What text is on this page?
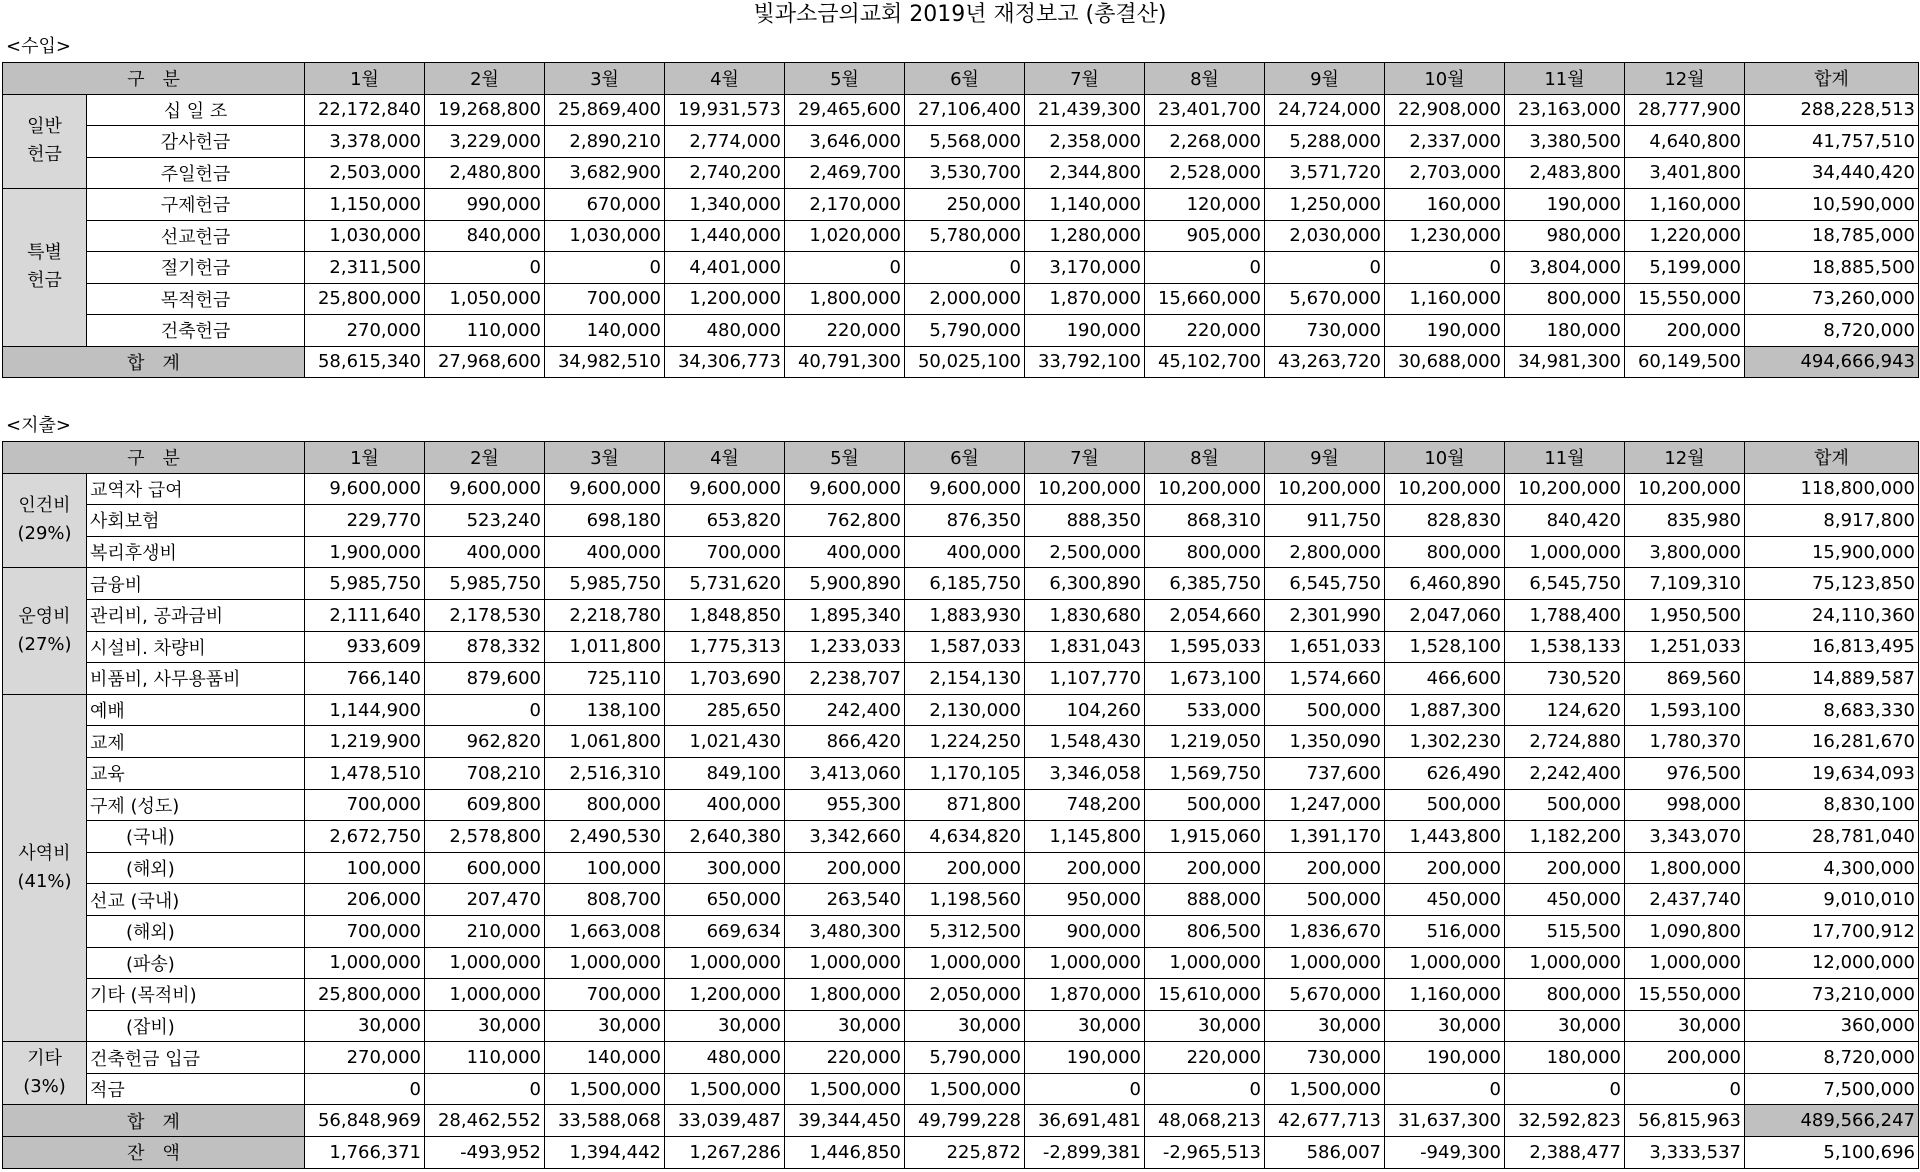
빛과소금의교회 2019년 재정보고 (총결산)
<수입>
구　분		1월	2월	3월	4월	5월	6월	7월	8월	9월	10월	11월	12월	합계
일반
헌금	십 일 조	22,172,840	19,268,800	25,869,400	19,931,573	29,465,600	27,106,400	21,439,300	23,401,700	24,724,000	22,908,000	23,163,000	28,777,900	288,228,513
	감사헌금	3,378,000	3,229,000	2,890,210	2,774,000	3,646,000	5,568,000	2,358,000	2,268,000	5,288,000	2,337,000	3,380,500	4,640,800	41,757,510
	주일헌금	2,503,000	2,480,800	3,682,900	2,740,200	2,469,700	3,530,700	2,344,800	2,528,000	3,571,720	2,703,000	2,483,800	3,401,800	34,440,420
특별
헌금	구제헌금	1,150,000	990,000	670,000	1,340,000	2,170,000	250,000	1,140,000	120,000	1,250,000	160,000	190,000	1,160,000	10,590,000
	선교헌금	1,030,000	840,000	1,030,000	1,440,000	1,020,000	5,780,000	1,280,000	905,000	2,030,000	1,230,000	980,000	1,220,000	18,785,000
	절기헌금	2,311,500	0	0	4,401,000	0	0	3,170,000	0	0	0	3,804,000	5,199,000	18,885,500
	목적헌금	25,800,000	1,050,000	700,000	1,200,000	1,800,000	2,000,000	1,870,000	15,660,000	5,670,000	1,160,000	800,000	15,550,000	73,260,000
	건축헌금	270,000	110,000	140,000	480,000	220,000	5,790,000	190,000	220,000	730,000	190,000	180,000	200,000	8,720,000
합　계		58,615,340	27,968,600	34,982,510	34,306,773	40,791,300	50,025,100	33,792,100	45,102,700	43,263,720	30,688,000	34,981,300	60,149,500	494,666,943
<지출>
구　분		1월	2월	3월	4월	5월	6월	7월	8월	9월	10월	11월	12월	합계
인건비
(29%)	교역자 급여	9,600,000	9,600,000	9,600,000	9,600,000	9,600,000	9,600,000	10,200,000	10,200,000	10,200,000	10,200,000	10,200,000	10,200,000	118,800,000
	사회보험	229,770	523,240	698,180	653,820	762,800	876,350	888,350	868,310	911,750	828,830	840,420	835,980	8,917,800
	복리후생비	1,900,000	400,000	400,000	700,000	400,000	400,000	2,500,000	800,000	2,800,000	800,000	1,000,000	3,800,000	15,900,000
운영비
(27%)	금융비	5,985,750	5,985,750	5,985,750	5,731,620	5,900,890	6,185,750	6,300,890	6,385,750	6,545,750	6,460,890	6,545,750	7,109,310	75,123,850
	관리비, 공과금비	2,111,640	2,178,530	2,218,780	1,848,850	1,895,340	1,883,930	1,830,680	2,054,660	2,301,990	2,047,060	1,788,400	1,950,500	24,110,360
	시설비. 차량비	933,609	878,332	1,011,800	1,775,313	1,233,033	1,587,033	1,831,043	1,595,033	1,651,033	1,528,100	1,538,133	1,251,033	16,813,495
	비품비, 사무용품비	766,140	879,600	725,110	1,703,690	2,238,707	2,154,130	1,107,770	1,673,100	1,574,660	466,600	730,520	869,560	14,889,587
사역비
(41%)	예배	1,144,900	0	138,100	285,650	242,400	2,130,000	104,260	533,000	500,000	1,887,300	124,620	1,593,100	8,683,330
	교제	1,219,900	962,820	1,061,800	1,021,430	866,420	1,224,250	1,548,430	1,219,050	1,350,090	1,302,230	2,724,880	1,780,370	16,281,670
	교육	1,478,510	708,210	2,516,310	849,100	3,413,060	1,170,105	3,346,058	1,569,750	737,600	626,490	2,242,400	976,500	19,634,093
	구제 (성도)	700,000	609,800	800,000	400,000	955,300	871,800	748,200	500,000	1,247,000	500,000	500,000	998,000	8,830,100
	　　(국내)	2,672,750	2,578,800	2,490,530	2,640,380	3,342,660	4,634,820	1,145,800	1,915,060	1,391,170	1,443,800	1,182,200	3,343,070	28,781,040
	　　(해외)	100,000	600,000	100,000	300,000	200,000	200,000	200,000	200,000	200,000	200,000	200,000	1,800,000	4,300,000
	선교 (국내)	206,000	207,470	808,700	650,000	263,540	1,198,560	950,000	888,000	500,000	450,000	450,000	2,437,740	9,010,010
	　　(해외)	700,000	210,000	1,663,008	669,634	3,480,300	5,312,500	900,000	806,500	1,836,670	516,000	515,500	1,090,800	17,700,912
	　　(파송)	1,000,000	1,000,000	1,000,000	1,000,000	1,000,000	1,000,000	1,000,000	1,000,000	1,000,000	1,000,000	1,000,000	1,000,000	12,000,000
	기타 (목적비)	25,800,000	1,000,000	700,000	1,200,000	1,800,000	2,050,000	1,870,000	15,610,000	5,670,000	1,160,000	800,000	15,550,000	73,210,000
	　　(잡비)	30,000	30,000	30,000	30,000	30,000	30,000	30,000	30,000	30,000	30,000	30,000	30,000	360,000
기타
(3%)	건축헌금 입금	270,000	110,000	140,000	480,000	220,000	5,790,000	190,000	220,000	730,000	190,000	180,000	200,000	8,720,000
	적금	0	0	1,500,000	1,500,000	1,500,000	1,500,000	0	0	1,500,000	0	0	0	7,500,000
합　계		56,848,969	28,462,552	33,588,068	33,039,487	39,344,450	49,799,228	36,691,481	48,068,213	42,677,713	31,637,300	32,592,823	56,815,963	489,566,247
잔　액		1,766,371	-493,952	1,394,442	1,267,286	1,446,850	225,872	-2,899,381	-2,965,513	586,007	-949,300	2,388,477	3,333,537	5,100,696
